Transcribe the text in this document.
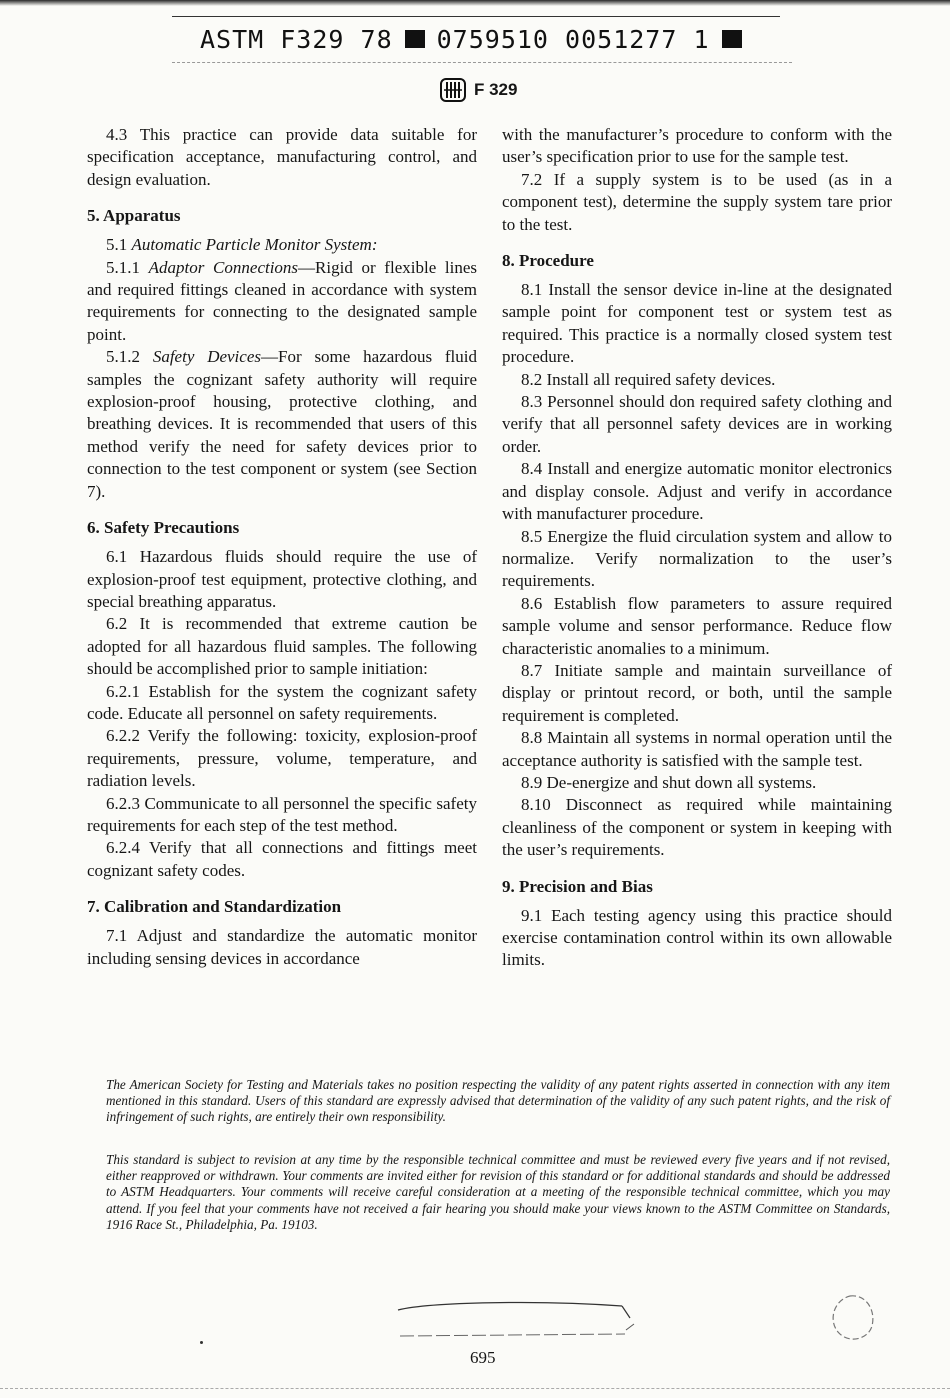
ASTM F329 78 0759510 0051277 1
F 329

4.3 This practice can provide data suitable for specification acceptance, manufacturing control, and design evaluation.

5. Apparatus

5.1 Automatic Particle Monitor System:

5.1.1 Adaptor Connections—Rigid or flexible lines and required fittings cleaned in accordance with system requirements for connecting to the designated sample point.

5.1.2 Safety Devices—For some hazardous fluid samples the cognizant safety authority will require explosion-proof housing, protective clothing, and breathing devices. It is recommended that users of this method verify the need for safety devices prior to connection to the test component or system (see Section 7).

6. Safety Precautions

6.1 Hazardous fluids should require the use of explosion-proof test equipment, protective clothing, and special breathing apparatus.

6.2 It is recommended that extreme caution be adopted for all hazardous fluid samples. The following should be accomplished prior to sample initiation:

6.2.1 Establish for the system the cognizant safety code. Educate all personnel on safety requirements.

6.2.2 Verify the following: toxicity, explosion-proof requirements, pressure, volume, temperature, and radiation levels.

6.2.3 Communicate to all personnel the specific safety requirements for each step of the test method.

6.2.4 Verify that all connections and fittings meet cognizant safety codes.

7. Calibration and Standardization

7.1 Adjust and standardize the automatic monitor including sensing devices in accordance

with the manufacturer’s procedure to conform with the user’s specification prior to use for the sample test.

7.2 If a supply system is to be used (as in a component test), determine the supply system tare prior to the test.

8. Procedure

8.1 Install the sensor device in-line at the designated sample point for component test or system test as required. This practice is a normally closed system test procedure.

8.2 Install all required safety devices.

8.3 Personnel should don required safety clothing and verify that all personnel safety devices are in working order.

8.4 Install and energize automatic monitor electronics and display console. Adjust and verify in accordance with manufacturer procedure.

8.5 Energize the fluid circulation system and allow to normalize. Verify normalization to the user’s requirements.

8.6 Establish flow parameters to assure required sample volume and sensor performance. Reduce flow characteristic anomalies to a minimum.

8.7 Initiate sample and maintain surveillance of display or printout record, or both, until the sample requirement is completed.

8.8 Maintain all systems in normal operation until the acceptance authority is satisfied with the sample test.

8.9 De-energize and shut down all systems.

8.10 Disconnect as required while maintaining cleanliness of the component or system in keeping with the user’s requirements.

9. Precision and Bias

9.1 Each testing agency using this practice should exercise contamination control within its own allowable limits.

The American Society for Testing and Materials takes no position respecting the validity of any patent rights asserted in connection with any item mentioned in this standard. Users of this standard are expressly advised that determination of the validity of any such patent rights, and the risk of infringement of such rights, are entirely their own responsibility.
This standard is subject to revision at any time by the responsible technical committee and must be reviewed every five years and if not revised, either reapproved or withdrawn. Your comments are invited either for revision of this standard or for additional standards and should be addressed to ASTM Headquarters. Your comments will receive careful consideration at a meeting of the responsible technical committee, which you may attend. If you feel that your comments have not received a fair hearing you should make your views known to the ASTM Committee on Standards, 1916 Race St., Philadelphia, Pa. 19103.
695
